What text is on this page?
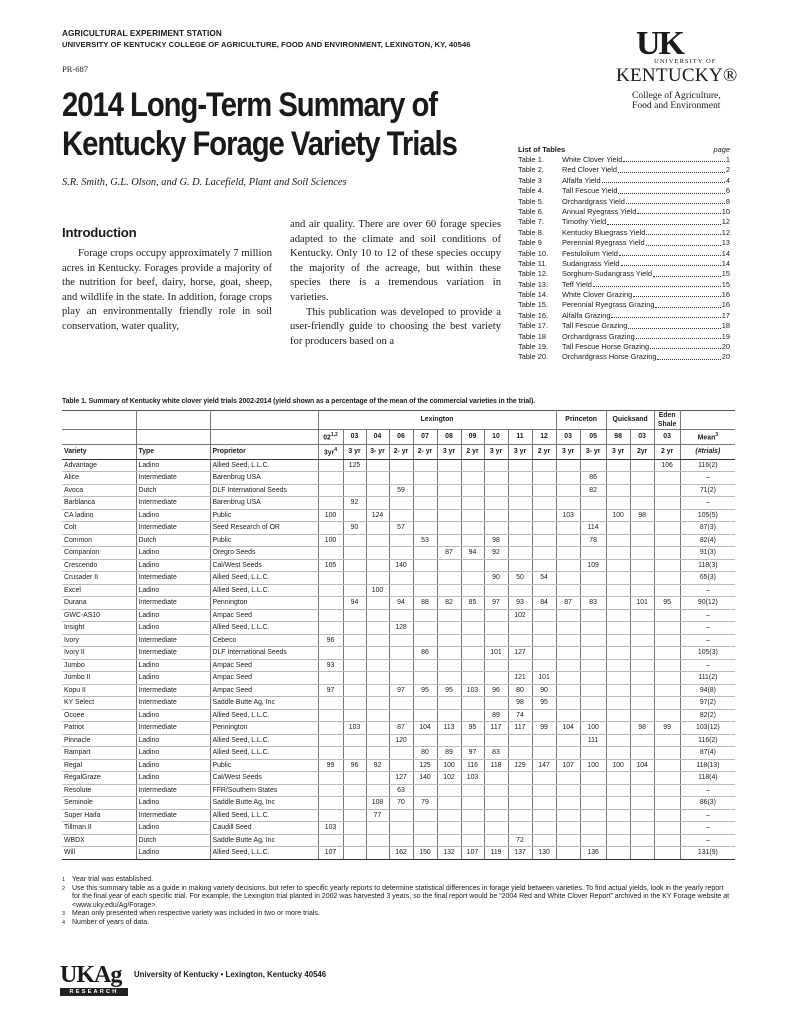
AGRICULTURAL EXPERIMENT STATION
UNIVERSITY OF KENTUCKY COLLEGE OF AGRICULTURE, FOOD AND ENVIRONMENT, LEXINGTON, KY, 40546
PR-687
2014 Long-Term Summary of Kentucky Forage Variety Trials
S.R. Smith, G.L. Olson, and G. D. Lacefield, Plant and Soil Sciences
UK
UNIVERSITY OF
KENTUCKY®
College of Agriculture, Food and Environment
List of Tables	page
Table 1.	White Clover Yield	1
Table 2.	Red Clover Yield	2
Table 3	Alfalfa Yield	4
Table 4.	Tall Fescue Yield	6
Table 5.	Orchardgrass Yield	8
Table 6.	Annual Ryegrass Yield	10
Table 7.	Timothy Yield	12
Table 8.	Kentucky Bluegrass Yield	12
Table 9	Perennial Ryegrass Yield	13
Table 10.	Festulolium Yield	14
Table 11.	Sudangrass Yield	14
Table 12.	Sorghum-Sudangrass Yield	15
Table 13.	Teff Yield	15
Table 14.	White Clover Grazing	16
Table 15.	Perennial Ryegrass Grazing	16
Table 16.	Alfalfa Grazing	17
Table 17.	Tall Fescue Grazing	18
Table 18	Orchardgrass Grazing	19
Table 19.	Tall Fescue Horse Grazing	20
Table 20.	Orchardgrass Horse Grazing	20
Introduction
Forage crops occupy approximately 7 million acres in Kentucky. Forages provide a majority of the nutrition for beef, dairy, horse, goat, sheep, and wildlife in the state. In addition, forage crops play an environmentally friendly role in soil conservation, water quality,

and air quality. There are over 60 forage species adapted to the climate and soil conditions of Kentucky. Only 10 to 12 of these species occupy the majority of the acreage, but within these species there is a tremendous variation in varieties.

This publication was developed to provide a user-friendly guide to choosing the best variety for producers based on a

Table 1. Summary of Kentucky white clover yield trials 2002-2014 (yield shown as a percentage of the mean of the commercial varieties in the trial).
			Lexington										Princeton		Quicksand		Eden Shale	
			02$^{1,2}$	03	04	06	07	08	09	10	11	12	03	05	98	03	03	Mean$^3$
Variety	Type	Proprietor	$3yr^4$	3 yr	3- yr	2- yr	2- yr	3 yr	2 yr	3 yr	3 yr	2 yr	3 yr	3- yr	3 yr	2yr	2 yr	(#trials)
Advantage	Ladino	Allied Seed, L.L.C.		125													106	116(2)
Alice	Intermediate	Barenbrug USA												86				–
Avoca	Dutch	DLF International Seeds				59								82				71(2)
Barblanca	Intermediate	Barenbrug USA		92														–
CA ladino	Ladino	Public	100		124								103		100	98		105(5)
Colt	Intermediate	Seed Research of OR		90		57								114				87(3)
Common	Dutch	Public	100				53			98				78				82(4)
Companion	Ladino	Oregro Seeds						87	94	92								91(3)
Crescendo	Ladino	Cal/West Seeds	105			140								109				118(3)
Crusader II	Intermediate	Allied Seed, L.L.C.								90	50	54						65(3)
Excel	Ladino	Allied Seed, L.L.C.			100													–
Durana	Intermediate	Pennington		94		94	88	82	85	97	93	84	87	83		101	95	90(12)
GWC-AS10	Ladino	Ampac Seed									102							–
Insight	Ladino	Allied Seed, L.L.C.				128												–
Ivory	Intermediate	Cebeco	96															–
Ivory II	Intermediate	DLF International Seeds					86			101	127							105(3)
Jumbo	Ladino	Ampac Seed	93															–
Jumbo II	Ladino	Ampac Seed									121	101						111(2)
Kopu II	Intermediate	Ampac Seed	97			97	95	95	103	96	80	90						94(8)
KY Select	Intermediate	Saddle Butte Ag, Inc									98	95						97(2)
Ocoee	Ladino	Allied Seed, L.L.C.								89	74							82(2)
Patriot	Intermediate	Pennington		103		87	104	113	95	117	117	99	104	100		98	99	103(12)
Pinnacle	Ladino	Allied Seed, L.L.C.				120								111				116(2)
Rampart	Ladino	Allied Seed, L.L.C.					80	89	97	83								87(4)
Regal	Ladino	Public	99	96	92		125	100	116	118	129	147	107	100	100	104		118(13)
RegalGraze	Ladino	Cal/West Seeds				127	140	102	103									118(4)
Resolute	Intermediate	FFR/Southern States				63												–
Seminole	Ladino	Saddle Butte Ag, Inc			108	70	79											86(3)
Super Haifa	Intermediate	Allied Seed, L.L.C.			77													–
Tillman II	Ladino	Caudill Seed	103															–
WBDX	Dutch	Saddle Butte Ag, Inc									72							–
Will	Ladino	Allied Seed, L.L.C.	107			162	150	132	107	119	137	130		136				131(9)
1 Year trial was established.
2 Use this summary table as a guide in making variety decisions, but refer to specific yearly reports to determine statistical differences in forage yield between varieties. To find actual yields, look in the yearly report for the final year of each specific trial. For example, the Lexington trial planted in 2002 was harvested 3 years, so the final report would be “2004 Red and White Clover Report” archived in the KY Forage website at <www.uky.edu/Ag/Forage>.
3 Mean only presented when respective variety was included in two or more trials.
4 Number of years of data.
UKAg
RESEARCH
University of Kentucky • Lexington, Kentucky 40546
